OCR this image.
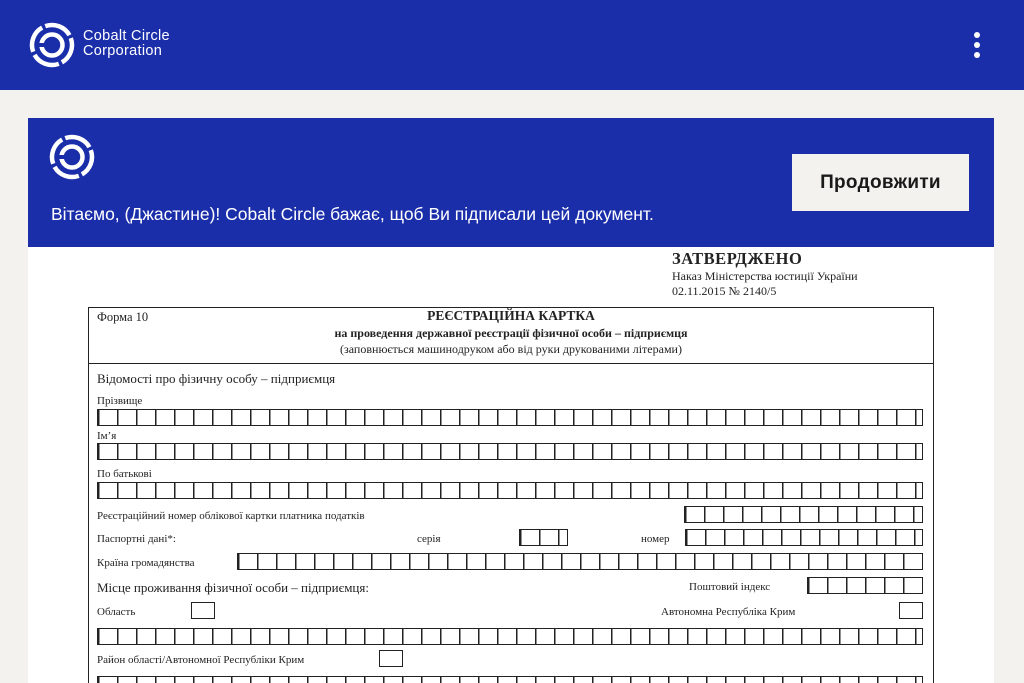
Cobalt Circle
Corporation
Вітаємо, (Джастине)! Cobalt Circle бажає, щоб Ви підписали цей документ.
Продовжити
ЗАТВЕРДЖЕНО
Наказ Міністерства юстиції України
02.11.2015 № 2140/5
Форма 10	РЕЄСТРАЦІЙНА КАРТКА
на проведення державної реєстрації фізичної особи – підприємця
(заповнюється машинодруком або від руки друкованими літерами)
Відомості про фізичну особу – підприємця
Прізвище
Ім’я
По батькові
Реєстраційний номер облікової картки платника податків
Паспортні дані*:	серія	номер
Країна громадянства
Місце проживання фізичної особи – підприємця:	Поштовий індекс
Область	Автономна Республіка Крим
Район області/Автономної Республіки Крим
